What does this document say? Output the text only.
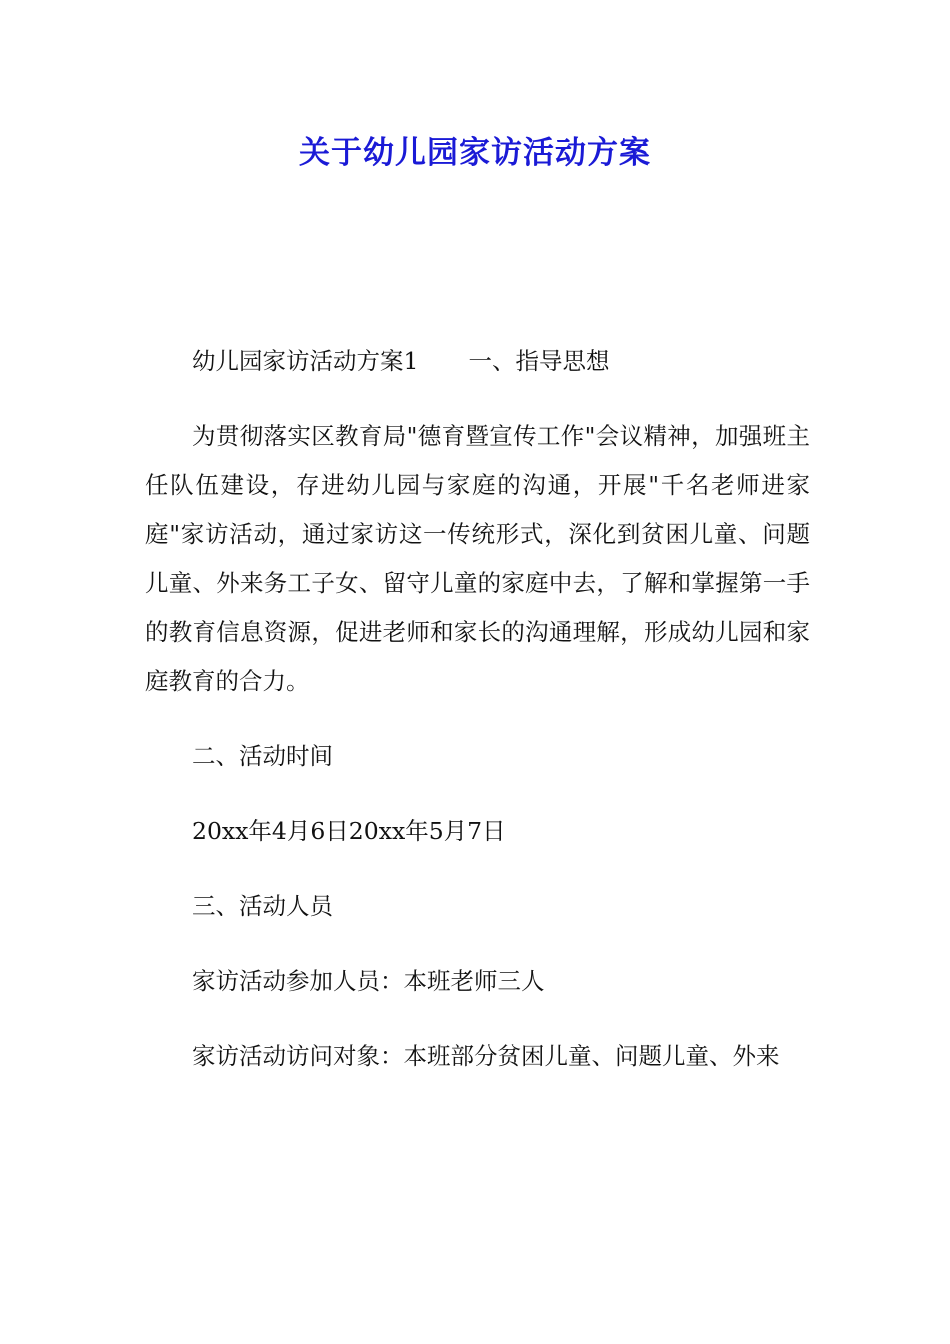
关于幼儿园家访活动方案

幼儿园家访活动方案1 一、指导思想

为贯彻落实区教育局"德育暨宣传工作"会议精神，加强班主任队伍建设，存进幼儿园与家庭的沟通，开展"千名老师进家庭"家访活动，通过家访这一传统形式，深化到贫困儿童、问题儿童、外来务工子女、留守儿童的家庭中去，了解和掌握第一手的教育信息资源，促进老师和家长的沟通理解，形成幼儿园和家庭教育的合力。

二、活动时间

20xx年4月6日20xx年5月7日

三、活动人员

家访活动参加人员：本班老师三人

家访活动访问对象：本班部分贫困儿童、问题儿童、外来
